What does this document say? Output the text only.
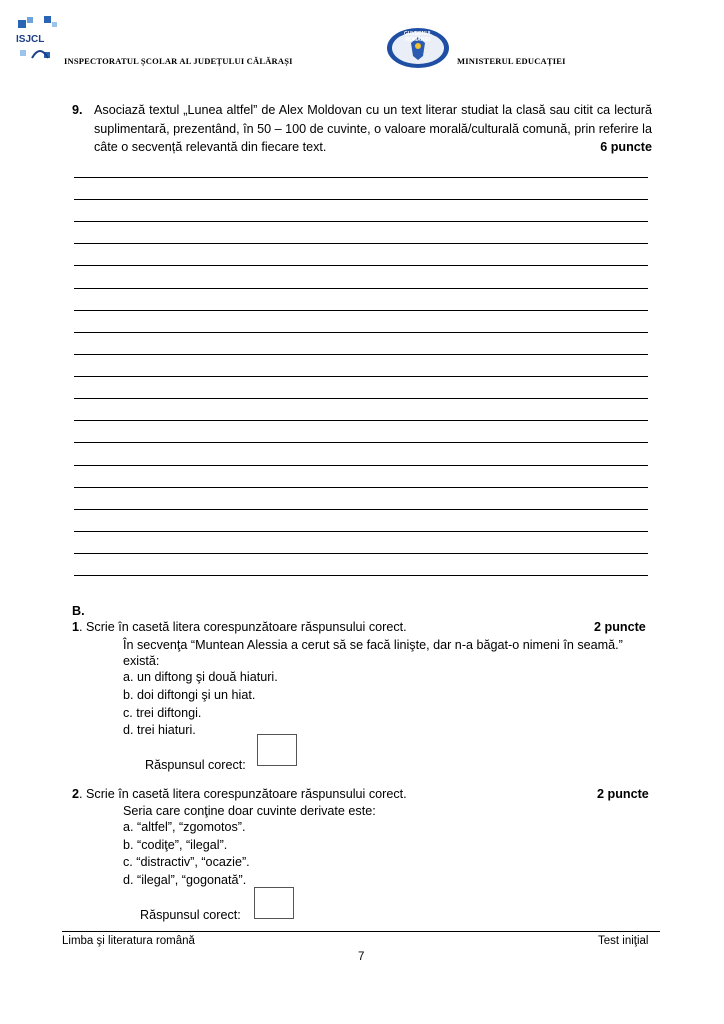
ISJCL
INSPECTORATUL ȘCOLAR AL JUDEȚULUI CĂLĂRAȘI
GUVERNUL ROMÂNIEI
MINISTERUL EDUCAȚIEI
9. Asociază textul „Lunea altfel” de Alex Moldovan cu un text literar studiat la clasă sau citit ca lectură suplimentară, prezentând, în 50 – 100 de cuvinte, o valoare morală/culturală comună, prin referire la câte o secvență relevantă din fiecare text.	6 puncte
B.
1. Scrie în casetă litera corespunzătoare răspunsului corect.	2 puncte
În secvenţa “Muntean Alessia a cerut să se facă linişte, dar n-a băgat-o nimeni în seamă.”
există:
a. un diftong şi două hiaturi.
b. doi diftongi şi un hiat.
c. trei diftongi.
d. trei hiaturi.
Răspunsul corect:
2. Scrie în casetă litera corespunzătoare răspunsului corect.	2 puncte
Seria care conţine doar cuvinte derivate este:
a. “altfel”, “zgomotos”.
b. “codiţe”, “ilegal”.
c. “distractiv”, “ocazie”.
d. “ilegal”, “gogonată”.
Răspunsul corect:
Limba şi literatura română	Test iniţial
7
